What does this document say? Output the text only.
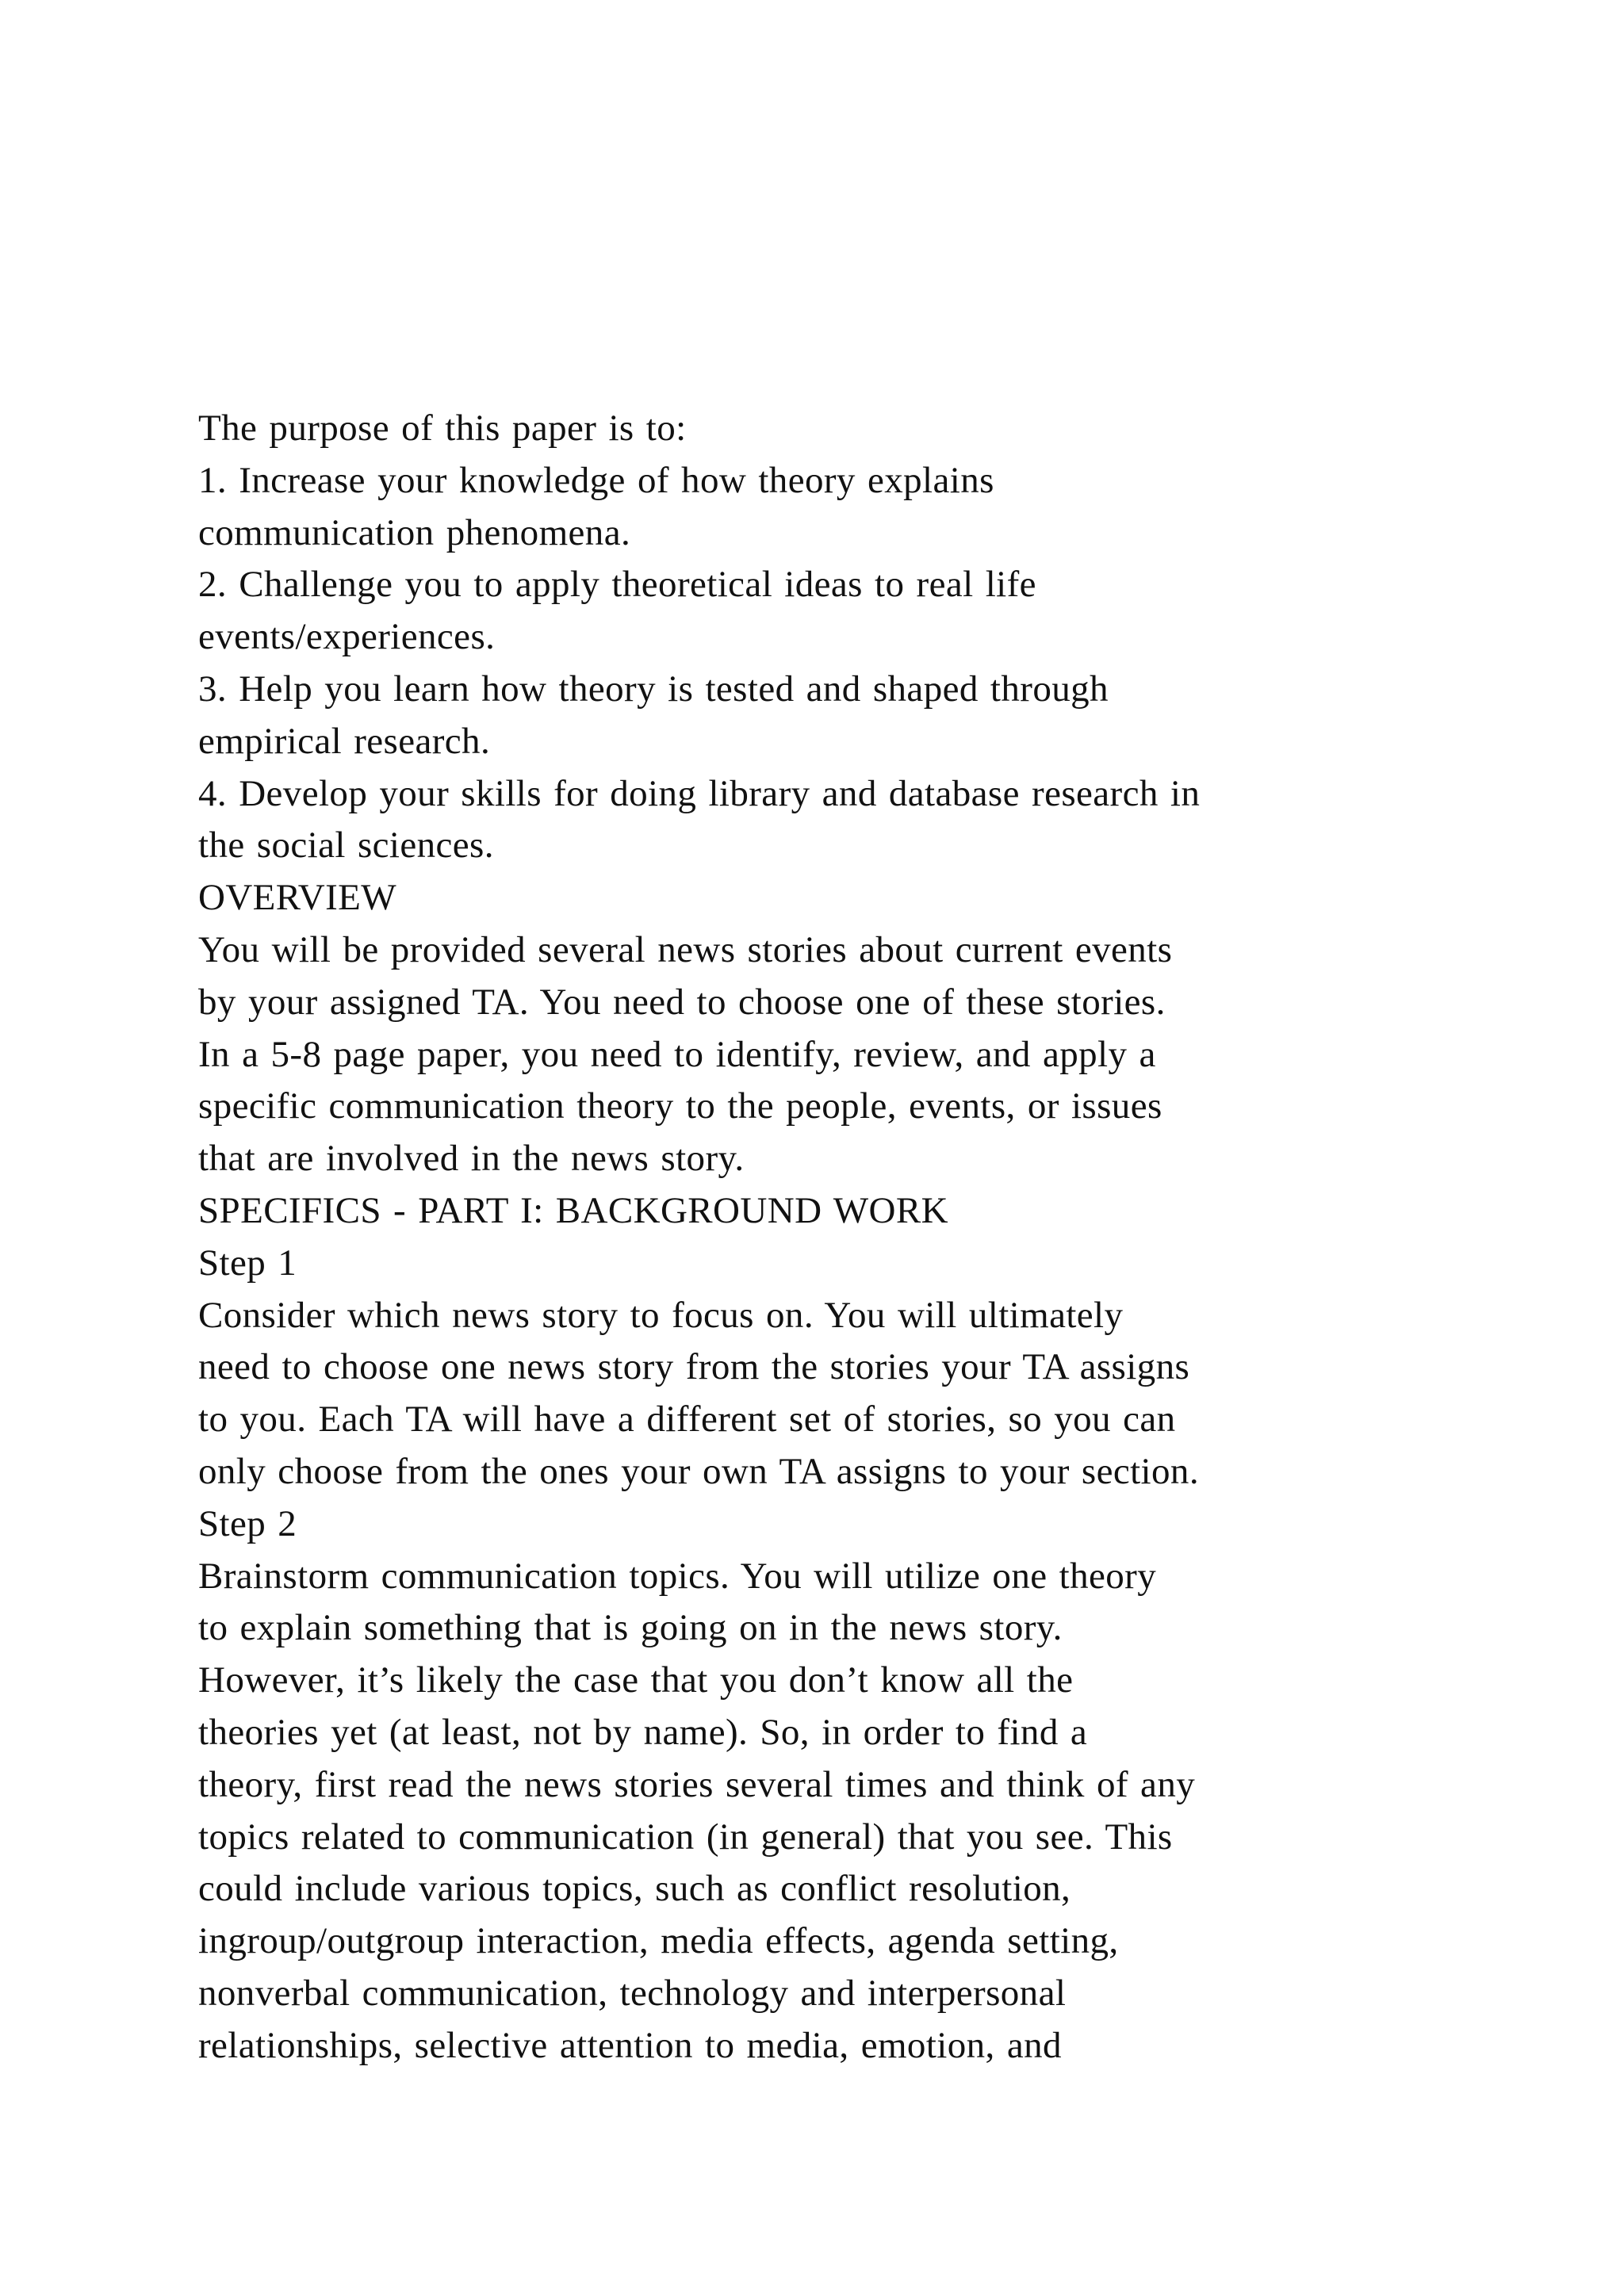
The purpose of this paper is to:
1. Increase your knowledge of how theory explains
communication phenomena.
2. Challenge you to apply theoretical ideas to real life
events/experiences.
3. Help you learn how theory is tested and shaped through
empirical research.
4. Develop your skills for doing library and database research in
the social sciences.
OVERVIEW
You will be provided several news stories about current events
by your assigned TA. You need to choose one of these stories.
In a 5-8 page paper, you need to identify, review, and apply a
specific communication theory to the people, events, or issues
that are involved in the news story.
SPECIFICS - PART I: BACKGROUND WORK
Step 1
Consider which news story to focus on. You will ultimately
need to choose one news story from the stories your TA assigns
to you. Each TA will have a different set of stories, so you can
only choose from the ones your own TA assigns to your section.
Step 2
Brainstorm communication topics. You will utilize one theory
to explain something that is going on in the news story.
However, it’s likely the case that you don’t know all the
theories yet (at least, not by name). So, in order to find a
theory, first read the news stories several times and think of any
topics related to communication (in general) that you see. This
could include various topics, such as conflict resolution,
ingroup/outgroup interaction, media effects, agenda setting,
nonverbal communication, technology and interpersonal
relationships, selective attention to media, emotion, and
